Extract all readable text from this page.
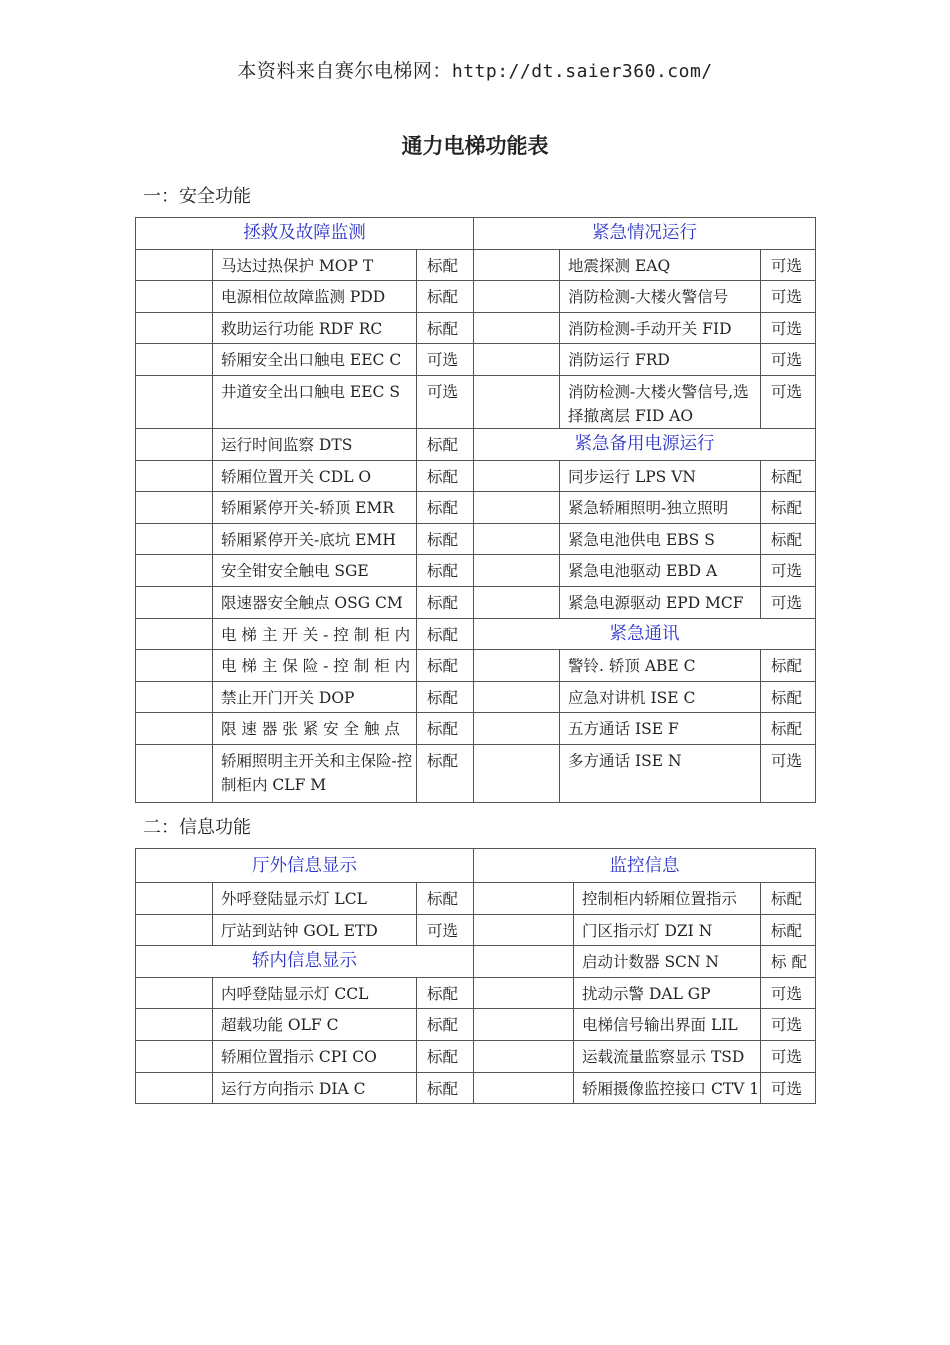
本资料来自赛尔电梯网：http://dt.saier360.com/
通力电梯功能表
一：安全功能
拯救及故障监测			紧急情况运行		
	马达过热保护 MOP T	标配		地震探测 EAQ	可选
	电源相位故障监测 PDD	标配		消防检测-大楼火警信号	可选
	救助运行功能 RDF RC	标配		消防检测-手动开关 FID	可选
	轿厢安全出口触电 EEC C	可选		消防运行 FRD	可选
	井道安全出口触电 EEC S	可选		消防检测-大楼火警信号,选择撤离层 FID AO	可选
	运行时间监察 DTS	标配	紧急备用电源运行		
	轿厢位置开关 CDL O	标配		同步运行 LPS VN	标配
	轿厢紧停开关-轿顶 EMR	标配		紧急轿厢照明-独立照明	标配
	轿厢紧停开关-底坑 EMH	标配		紧急电池供电 EBS S	标配
	安全钳安全触电 SGE	标配		紧急电池驱动 EBD A	可选
	限速器安全触点 OSG CM	标配		紧急电源驱动 EPD MCF	可选
	电 梯 主 开 关 - 控 制 柜 内	标配	紧急通讯		
	电 梯 主 保 险 - 控 制 柜 内	标配		警铃. 轿顶 ABE C	标配
	禁止开门开关 DOP	标配		应急对讲机 ISE C	标配
	限 速 器 张 紧 安 全 触 点	标配		五方通话 ISE F	标配
	轿厢照明主开关和主保险-控制柜内 CLF M	标配		多方通话 ISE N	可选
二：信息功能
厅外信息显示			监控信息		
	外呼登陆显示灯 LCL	标配		控制柜内轿厢位置指示	标配
	厅站到站钟 GOL ETD	可选		门区指示灯 DZI N	标配
轿内信息显示				启动计数器 SCN N	标 配
	内呼登陆显示灯 CCL	标配		扰动示警 DAL GP	可选
	超载功能 OLF C	标配		电梯信号输出界面 LIL	可选
	轿厢位置指示 CPI CO	标配		运载流量监察显示 TSD	可选
	运行方向指示 DIA C	标配		轿厢摄像监控接口 CTV 1	可选
